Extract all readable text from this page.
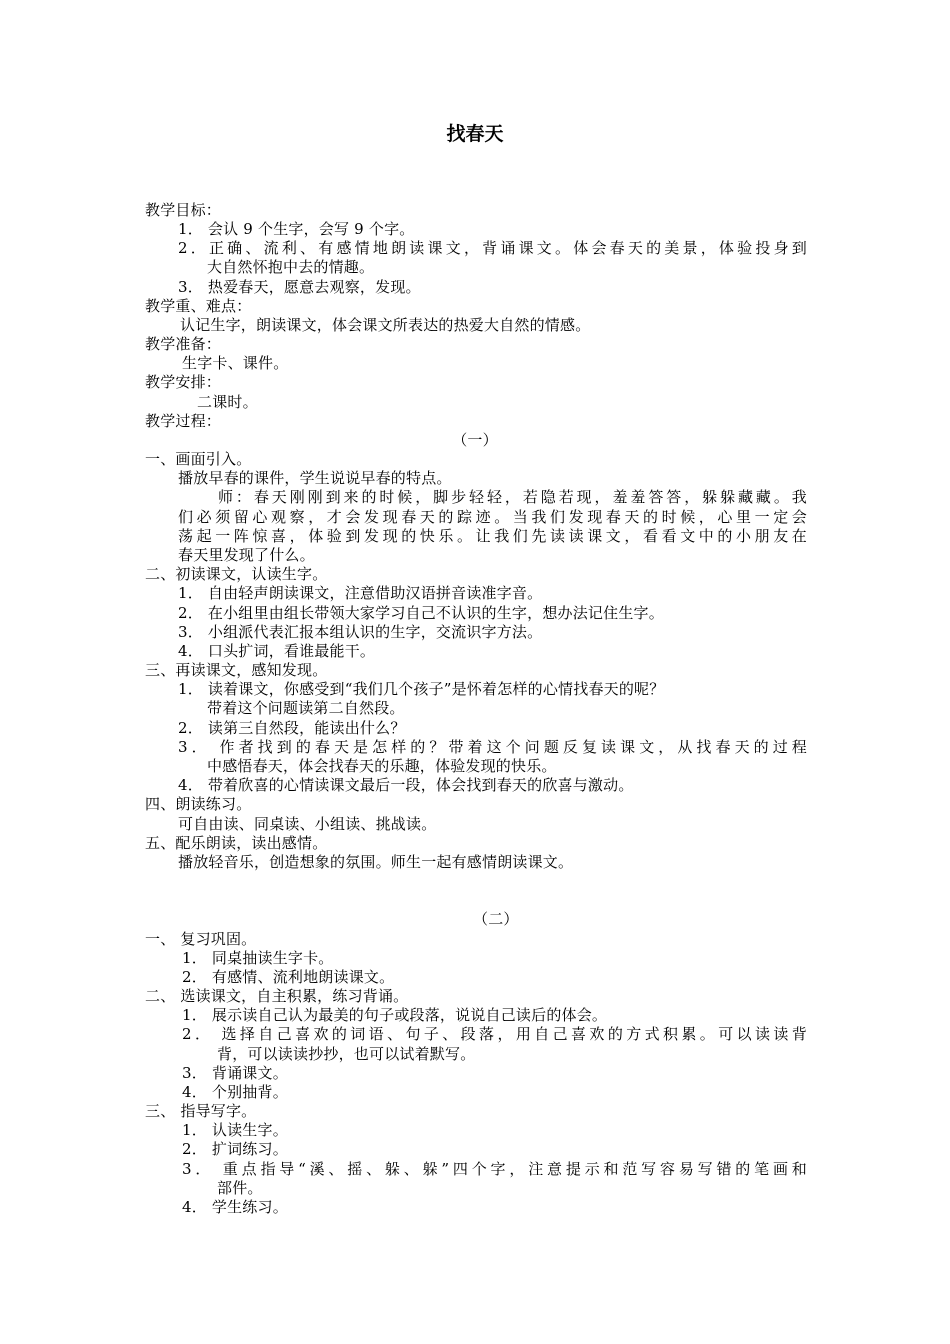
找春天
教学目标：
1． 会认 9 个生字，会写 9 个字。
2．正确、流利、有感情地朗读课文，背诵课文。体会春天的美景，体验投身到
大自然怀抱中去的情趣。
3． 热爱春天，愿意去观察，发现。
教学重、难点：
认记生字，朗读课文，体会课文所表达的热爱大自然的情感。
教学准备：
生字卡、课件。
教学安排：
二课时。
教学过程：
（一）
一、画面引入。
播放早春的课件，学生说说早春的特点。
师：春天刚刚到来的时候，脚步轻轻，若隐若现，羞羞答答，躲躲藏藏。我
们必须留心观察，才会发现春天的踪迹。当我们发现春天的时候，心里一定会
荡起一阵惊喜，体验到发现的快乐。让我们先读读课文，看看文中的小朋友在
春天里发现了什么。
二、初读课文，认读生字。
1． 自由轻声朗读课文，注意借助汉语拼音读准字音。
2． 在小组里由组长带领大家学习自己不认识的生字，想办法记住生字。
3． 小组派代表汇报本组认识的生字，交流识字方法。
4． 口头扩词，看谁最能干。
三、再读课文，感知发现。
1． 读着课文，你感受到“我们几个孩子”是怀着怎样的心情找春天的呢？
带着这个问题读第二自然段。
2． 读第三自然段，能读出什么？
3． 作者找到的春天是怎样的？带着这个问题反复读课文，从找春天的过程
中感悟春天，体会找春天的乐趣，体验发现的快乐。
4． 带着欣喜的心情读课文最后一段，体会找到春天的欣喜与激动。
四、朗读练习。
可自由读、同桌读、小组读、挑战读。
五、配乐朗读，读出感情。
播放轻音乐，创造想象的氛围。师生一起有感情朗读课文。
（二）
一、 复习巩固。
1． 同桌抽读生字卡。
2． 有感情、流利地朗读课文。
二、 选读课文，自主积累，练习背诵。
1． 展示读自己认为最美的句子或段落，说说自己读后的体会。
2． 选择自己喜欢的词语、句子、段落，用自己喜欢的方式积累。可以读读背
背，可以读读抄抄，也可以试着默写。
3． 背诵课文。
4． 个别抽背。
三、 指导写字。
1． 认读生字。
2． 扩词练习。
3． 重点指导“溪、摇、躲、躲”四个字，注意提示和范写容易写错的笔画和
部件。
4． 学生练习。
